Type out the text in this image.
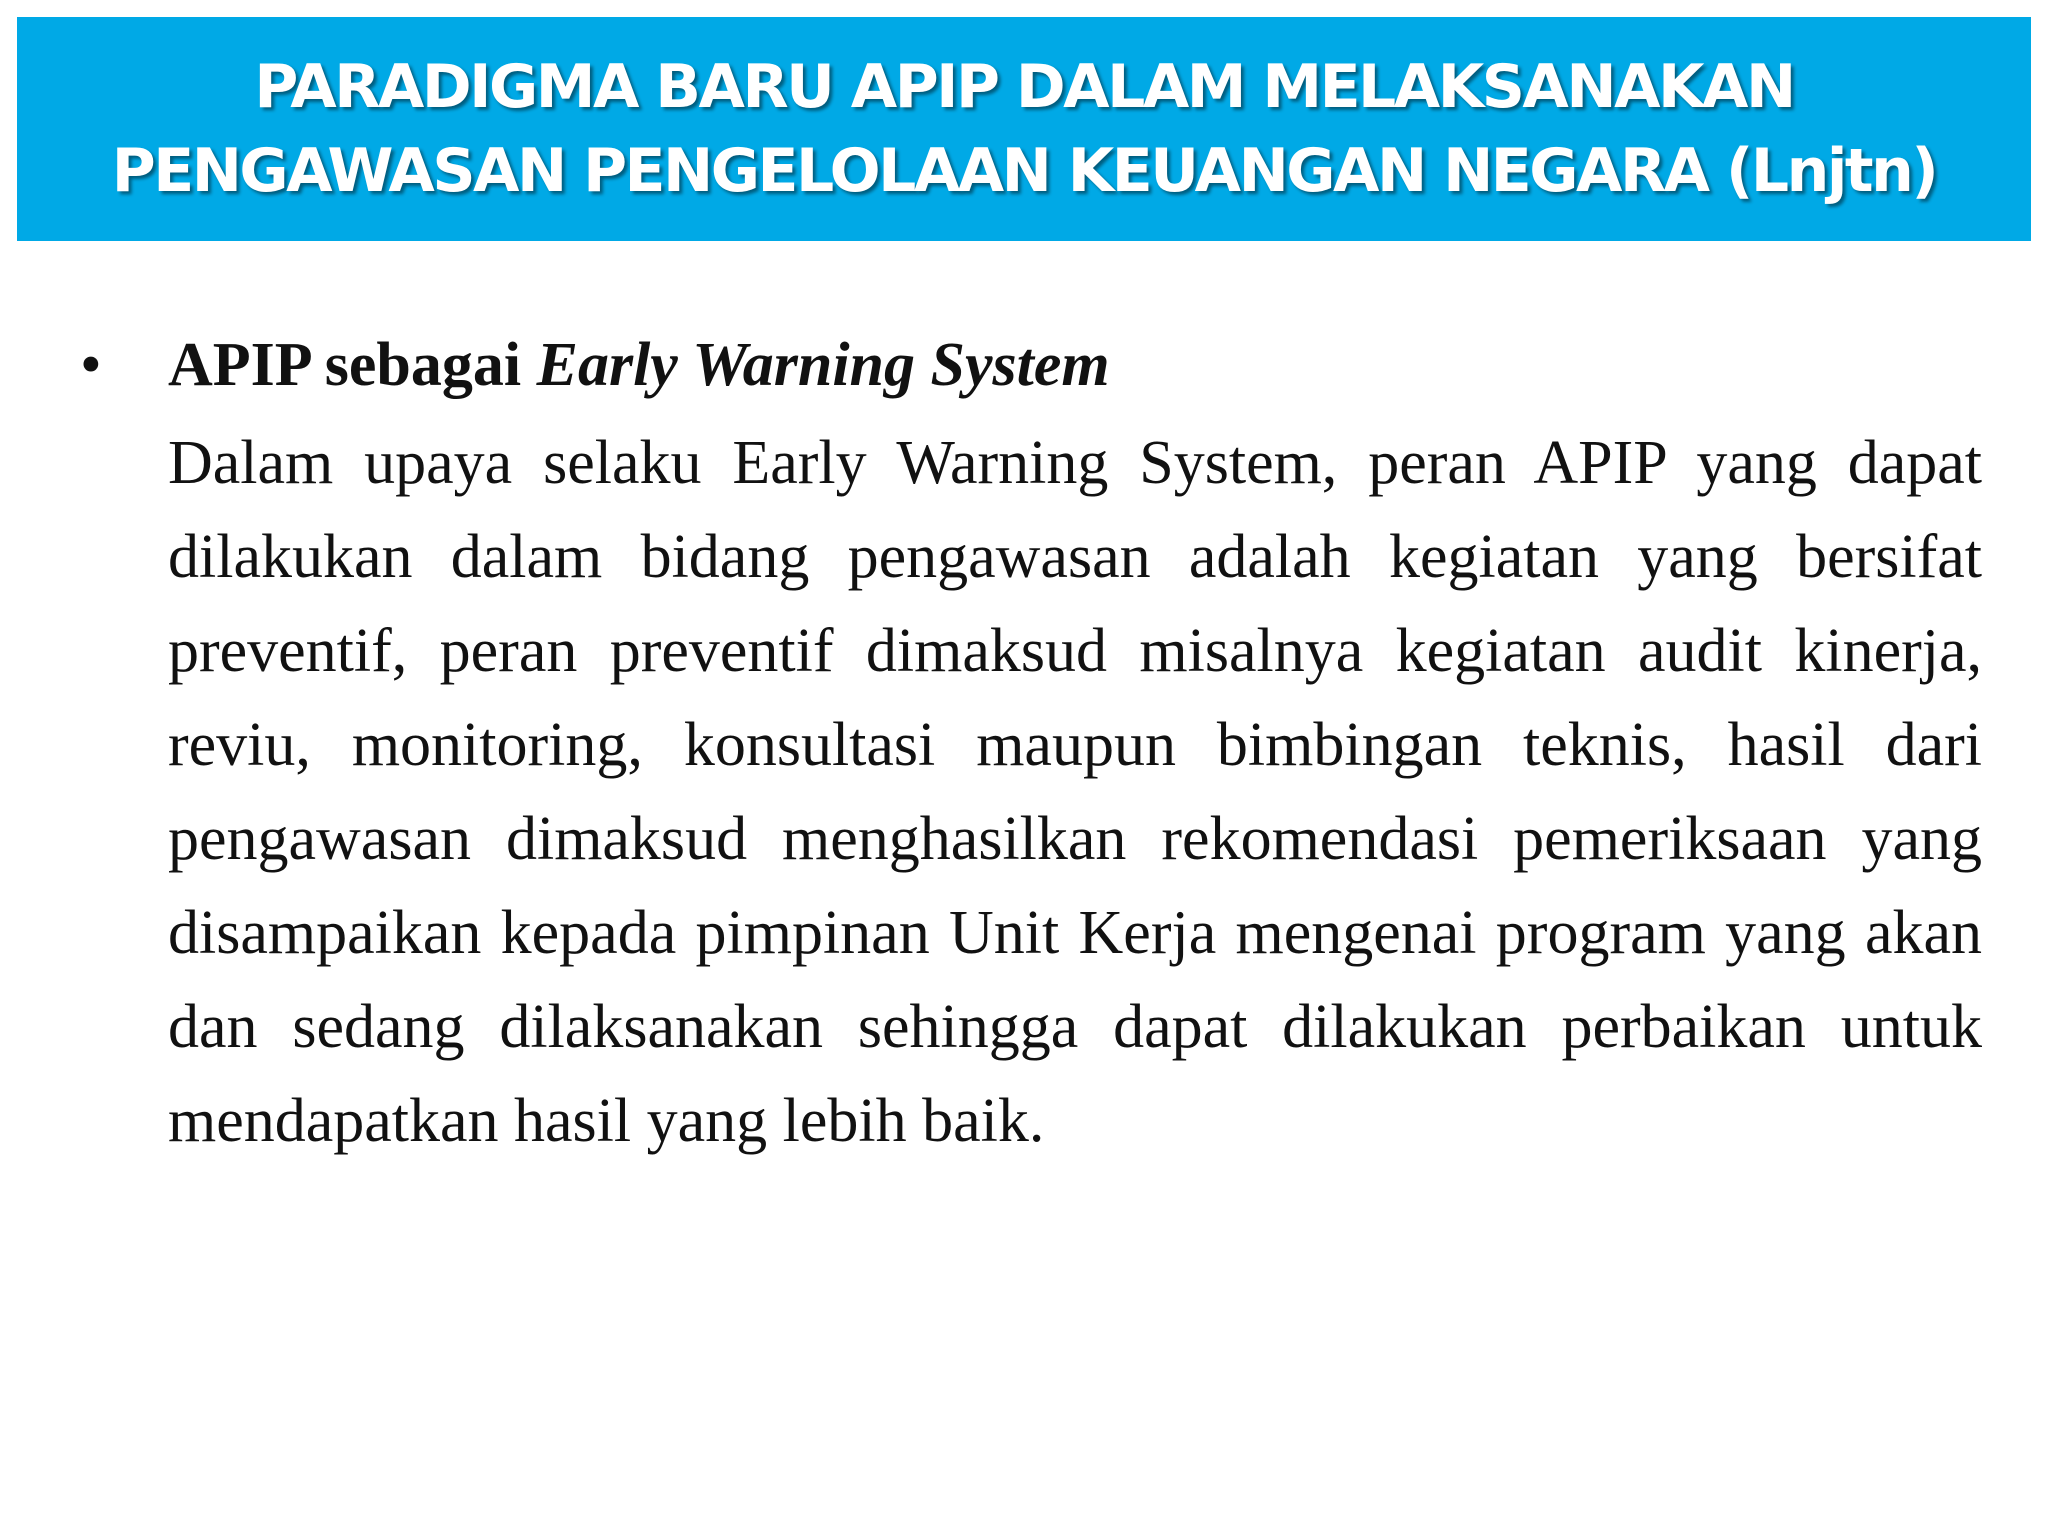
PARADIGMA BARU APIP DALAM MELAKSANAKAN
PENGAWASAN PENGELOLAAN KEUANGAN NEGARA (Lnjtn)
•	APIP sebagai Early Warning System
Dalam upaya selaku Early Warning System, peran APIP yang dapat dilakukan dalam bidang pengawasan adalah kegiatan yang bersifat preventif, peran preventif dimaksud misalnya kegiatan audit kinerja, reviu, monitoring, konsultasi maupun bimbingan teknis, hasil dari pengawasan dimaksud menghasilkan rekomendasi pemeriksaan yang disampaikan kepada pimpinan Unit Kerja mengenai program yang akan dan sedang dilaksanakan sehingga dapat dilakukan perbaikan untuk mendapatkan hasil yang lebih baik.
